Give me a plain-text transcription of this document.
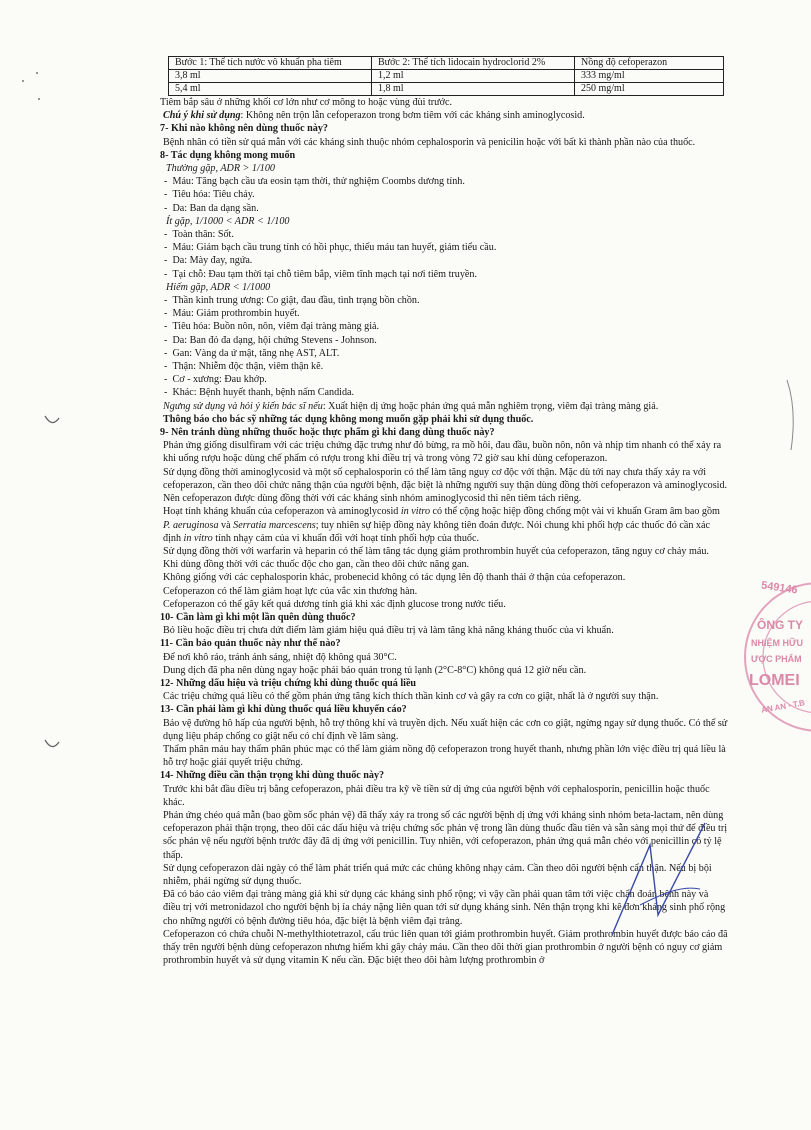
Bước 1: Thể tích nước vô khuẩn pha tiêm	Bước 2: Thể tích lidocain hydroclorid 2%	Nồng độ cefoperazon
3,8 ml	1,2 ml	333 mg/ml
5,4 ml	1,8 ml	250 mg/ml

Tiêm bắp sâu ở những khối cơ lớn như cơ mông to hoặc vùng đùi trước.

Chú ý khi sử dụng: Không nên trộn lẫn cefoperazon trong bơm tiêm với các kháng sinh aminoglycosid.

7- Khi nào không nên dùng thuốc này?

Bệnh nhân có tiền sử quá mẫn với các kháng sinh thuộc nhóm cephalosporin và penicilin hoặc với bất kì thành phần nào của thuốc.

8- Tác dụng không mong muốn

Thường gặp, ADR > 1/100

-  Máu: Tăng bạch cầu ưa eosin tạm thời, thử nghiệm Coombs dương tính.

-  Tiêu hóa: Tiêu chảy.

-  Da: Ban da dạng sần.

Ít gặp, 1/1000 < ADR < 1/100

-  Toàn thân: Sốt.

-  Máu: Giảm bạch cầu trung tính có hồi phục, thiếu máu tan huyết, giảm tiểu cầu.

-  Da: Mày đay, ngứa.

-  Tại chỗ: Đau tạm thời tại chỗ tiêm bắp, viêm tĩnh mạch tại nơi tiêm truyền.

Hiếm gặp, ADR < 1/1000

-  Thần kinh trung ương: Co giật, đau đầu, tình trạng bồn chồn.

-  Máu: Giảm prothrombin huyết.

-  Tiêu hóa: Buồn nôn, nôn, viêm đại tràng màng giả.

-  Da: Ban đỏ đa dạng, hội chứng Stevens - Johnson.

-  Gan: Vàng da ứ mật, tăng nhẹ AST, ALT.

-  Thận: Nhiễm độc thận, viêm thận kẽ.

-  Cơ - xương: Đau khớp.

-  Khác: Bệnh huyết thanh, bệnh nấm Candida.

Ngưng sử dụng và hỏi ý kiến bác sĩ nếu: Xuất hiện dị ứng hoặc phản ứng quá mẫn nghiêm trọng, viêm đại tràng màng giả.

Thông báo cho bác sỹ những tác dụng không mong muốn gặp phải khi sử dụng thuốc.

9- Nên tránh dùng những thuốc hoặc thực phẩm gì khi đang dùng thuốc này?

Phản ứng giống disulfiram với các triệu chứng đặc trưng như đỏ bừng, ra mồ hôi, đau đầu, buồn nôn, nôn và nhịp tim nhanh có thể xảy ra khi uống rượu hoặc dùng chế phẩm có rượu trong khi điều trị và trong vòng 72 giờ sau khi dùng cefoperazon.

Sử dụng đồng thời aminoglycosid và một số cephalosporin có thể làm tăng nguy cơ độc với thận. Mặc dù tới nay chưa thấy xảy ra với cefoperazon, cần theo dõi chức năng thận của người bệnh, đặc biệt là những người suy thận dùng đồng thời cefoperazon và aminoglycosid. Nên cefoperazon được dùng đồng thời với các kháng sinh nhóm aminoglycosid thì nên tiêm tách riêng.

Hoạt tính kháng khuẩn của cefoperazon và aminoglycosid in vitro có thể cộng hoặc hiệp đồng chống một vài vi khuẩn Gram âm bao gồm P. aeruginosa và Serratia marcescens; tuy nhiên sự hiệp đồng này không tiên đoán được. Nói chung khi phối hợp các thuốc đó cần xác định in vitro tính nhạy cảm của vi khuẩn đối với hoạt tính phối hợp của thuốc.

Sử dụng đồng thời với warfarin và heparin có thể làm tăng tác dụng giảm prothrombin huyết của cefoperazon, tăng nguy cơ chảy máu.

Khi dùng đồng thời với các thuốc độc cho gan, cần theo dõi chức năng gan.

Không giống với các cephalosporin khác, probenecid không có tác dụng lên độ thanh thải ở thận của cefoperazon.

Cefoperazon có thể làm giảm hoạt lực của vắc xin thương hàn.

Cefoperazon có thể gây kết quả dương tính giả khi xác định glucose trong nước tiểu.

10- Cần làm gì khi một lần quên dùng thuốc?

Bỏ liều hoặc điều trị chưa dứt điểm làm giảm hiệu quả điều trị và làm tăng khả năng kháng thuốc của vi khuẩn.

11- Cần bảo quản thuốc này như thế nào?

Để nơi khô ráo, tránh ánh sáng, nhiệt độ không quá 30°C.

Dung dịch đã pha nên dùng ngay hoặc phải bảo quản trong tủ lạnh (2°C-8°C) không quá 12 giờ nếu cần.

12- Những dấu hiệu và triệu chứng khi dùng thuốc quá liều

Các triệu chứng quá liều có thể gồm phản ứng tăng kích thích thần kinh cơ và gây ra cơn co giật, nhất là ở người suy thận.

13- Cần phải làm gì khi dùng thuốc quá liều khuyến cáo?

Bảo vệ đường hô hấp của người bệnh, hỗ trợ thông khí và truyền dịch. Nếu xuất hiện các cơn co giật, ngừng ngay sử dụng thuốc. Có thể sử dụng liệu pháp chống co giật nếu có chỉ định về lâm sàng.

Thẩm phân máu hay thẩm phân phúc mạc có thể làm giảm nồng độ cefoperazon trong huyết thanh, nhưng phần lớn việc điều trị quá liều là hỗ trợ hoặc giải quyết triệu chứng.

14- Những điều cần thận trọng khi dùng thuốc này?

Trước khi bắt đầu điều trị bằng cefoperazon, phải điều tra kỹ về tiền sử dị ứng của người bệnh với cephalosporin, penicillin hoặc thuốc khác.

Phản ứng chéo quá mẫn (bao gồm sốc phản vệ) đã thấy xảy ra trong số các người bệnh dị ứng với kháng sinh nhóm beta-lactam, nên dùng cefoperazon phải thận trọng, theo dõi các dấu hiệu và triệu chứng sốc phản vệ trong lần dùng thuốc đầu tiên và sẵn sàng mọi thứ để điều trị sốc phản vệ nếu người bệnh trước đây đã dị ứng với penicillin. Tuy nhiên, với cefoperazon, phản ứng quá mẫn chéo với penicillin có tỷ lệ thấp.

Sử dụng cefoperazon dài ngày có thể làm phát triển quá mức các chủng không nhạy cảm. Cần theo dõi người bệnh cẩn thận. Nếu bị bội nhiễm, phải ngừng sử dụng thuốc.

Đã có báo cáo viêm đại tràng màng giả khi sử dụng các kháng sinh phổ rộng; vì vậy cần phải quan tâm tới việc chẩn đoán bệnh này và điều trị với metronidazol cho người bệnh bị ỉa chảy nặng liên quan tới sử dụng kháng sinh. Nên thận trọng khi kê đơn kháng sinh phổ rộng cho những người có bệnh đường tiêu hóa, đặc biệt là bệnh viêm đại tràng.

Cefoperazon có chứa chuỗi N-methylthiotetrazol, cấu trúc liên quan tới giảm prothrombin huyết. Giảm prothrombin huyết được báo cáo đã thấy trên người bệnh dùng cefoperazon nhưng hiếm khi gây chảy máu. Cần theo dõi thời gian prothrombin ở người bệnh có nguy cơ giảm prothrombin huyết và sử dụng vitamin K nếu cần. Đặc biệt theo dõi hàm lượng prothrombin ở

549146
ÔNG TY
NHIỆM HỮU
ƯỢC PHẨM
LOMEI
AN AN - T.B
